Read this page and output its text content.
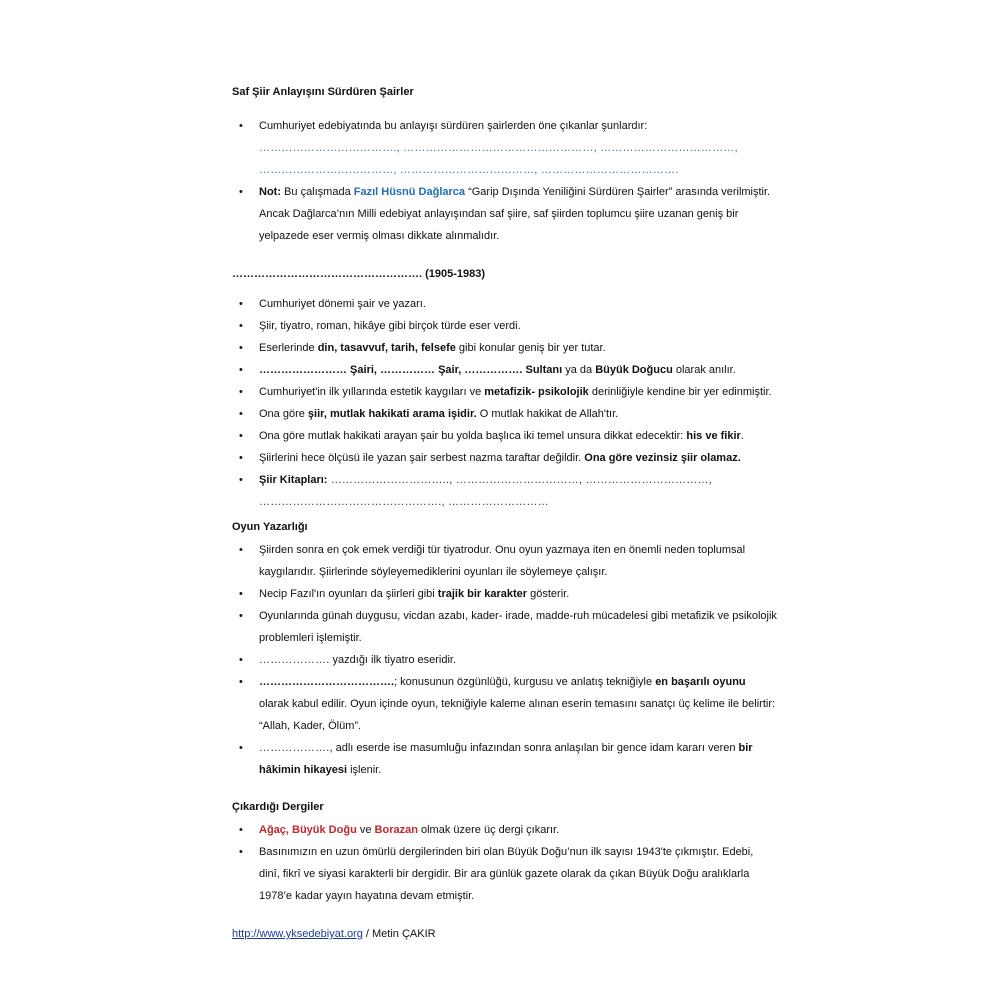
Saf Şiir Anlayışını Sürdüren Şairler
• Cumhuriyet edebiyatında bu anlayışı sürdüren şairlerden öne çıkanlar şunlardır: ………………………………., ……………………………………………, ………………………………, ………………………………, ………………………………, ……………………………….
• Not: Bu çalışmada Fazıl Hüsnü Dağlarca “Garip Dışında Yeniliğini Sürdüren Şairler” arasında verilmiştir. Ancak Dağlarca’nın Milli edebiyat anlayışından saf şiire, saf şiirden toplumcu şiire uzanan geniş bir yelpazede eser vermiş olması dikkate alınmalıdır.
……………………………………………. (1905-1983)
• Cumhuriyet dönemi şair ve yazarı.
• Şiir, tiyatro, roman, hikâye gibi birçok türde eser verdi.
• Eserlerinde din, tasavvuf, tarih, felsefe gibi konular geniş bir yer tutar.
• …………………… Şairi, …………… Şair, ……………. Sultanı ya da Büyük Doğucu olarak anılır.
• Cumhuriyet'in ilk yıllarında estetik kaygıları ve metafizik- psikolojik derinliğiyle kendine bir yer edinmiştir.
• Ona göre şiir, mutlak hakikati arama işidir. O mutlak hakikat de Allah'tır.
• Ona göre mutlak hakikati arayan şair bu yolda başlıca iki temel unsura dikkat edecektir: his ve fikir.
• Şiirlerini hece ölçüsü ile yazan şair serbest nazma taraftar değildir. Ona göre vezinsiz şiir olamaz.
• Şiir Kitapları: ………………………….., ……………………………, ……………………………, …………………………………………., ………………………
Oyun Yazarlığı
• Şiirden sonra en çok emek verdiği tür tiyatrodur. Onu oyun yazmaya iten en önemli neden toplumsal kaygılarıdır. Şiirlerinde söyleyemediklerini oyunları ile söylemeye çalışır.
• Necip Fazıl'ın oyunları da şiirleri gibi trajik bir karakter gösterir.
• Oyunlarında günah duygusu, vicdan azabı, kader- irade, madde-ruh mücadelesi gibi metafizik ve psikolojik problemleri işlemiştir.
• ………………. yazdığı ilk tiyatro eseridir.
• ……………………………….; konusunun özgünlüğü, kurgusu ve anlatış tekniğiyle en başarılı oyunu olarak kabul edilir. Oyun içinde oyun, tekniğiyle kaleme alınan eserin temasını sanatçı üç kelime ile belirtir: “Allah, Kader, Ölüm”.
• ………………., adlı eserde ise masumluğu infazından sonra anlaşılan bir gence idam kararı veren bir hâkimin hikayesi işlenir.
Çıkardığı Dergiler
• Ağaç, Büyük Doğu ve Borazan olmak üzere üç dergi çıkarır.
• Basınımızın en uzun ömürlü dergilerinden biri olan Büyük Doğu’nun ilk sayısı 1943'te çıkmıştır. Edebi, dinî, fikrî ve siyasi karakterli bir dergidir. Bir ara günlük gazete olarak da çıkan Büyük Doğu aralıklarla 1978’e kadar yayın hayatına devam etmiştir.
http://www.yksedebiyat.org / Metin ÇAKIR
